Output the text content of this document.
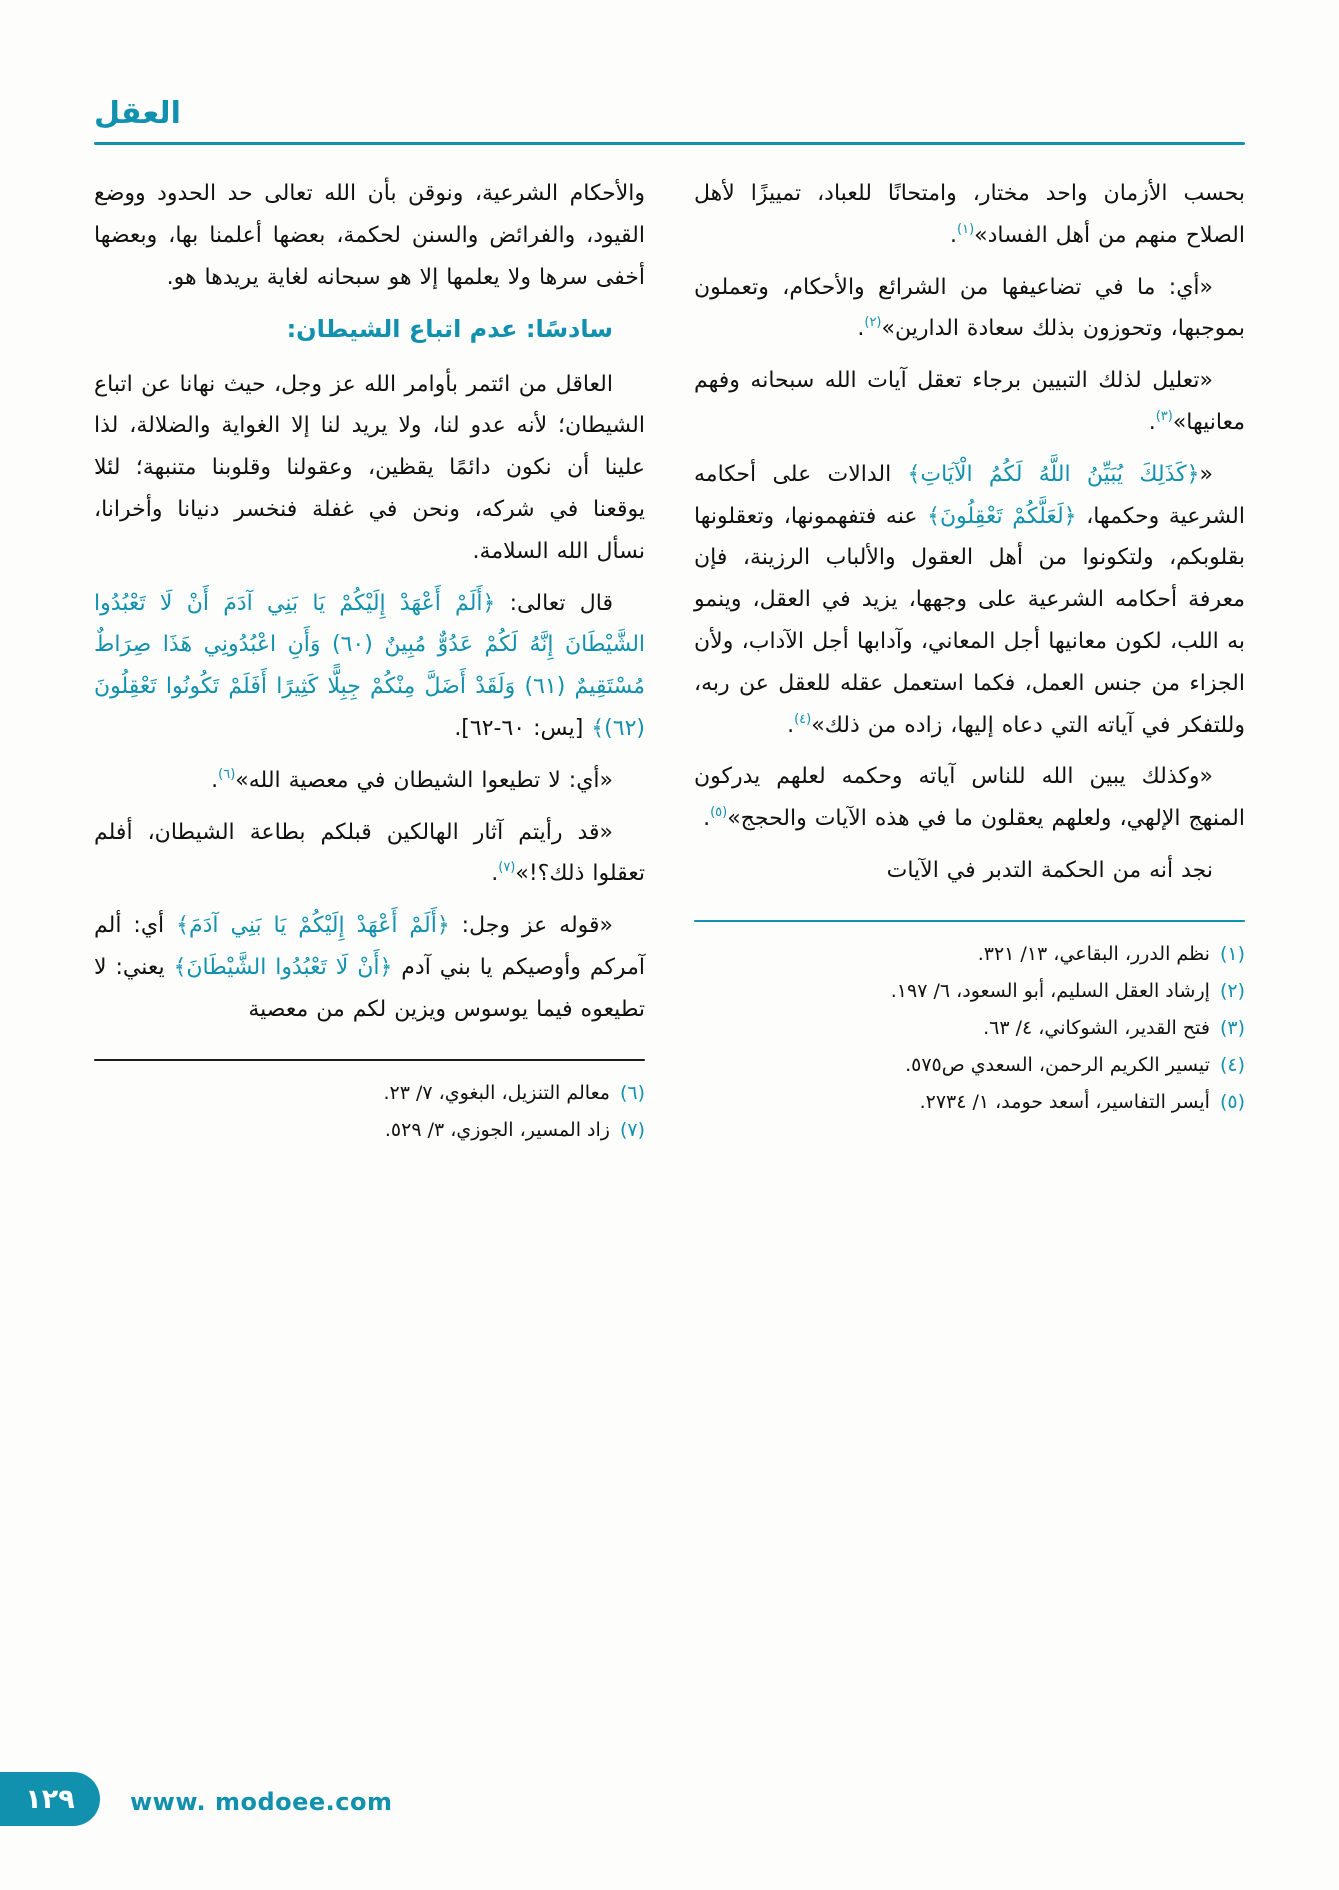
العقل

بحسب الأزمان واحد مختار، وامتحانًا للعباد، تمييزًا لأهل الصلاح منهم من أهل الفساد»$^{(١)}$.

«أي: ما في تضاعيفها من الشرائع والأحكام، وتعملون بموجبها، وتحوزون بذلك سعادة الدارين»$^{(٢)}$.

«تعليل لذلك التبيين برجاء تعقل آيات الله سبحانه وفهم معانيها»$^{(٣)}$.

«﴿كَذَلِكَ يُبَيِّنُ اللَّهُ لَكُمُ الْآيَاتِ﴾ الدالات على أحكامه الشرعية وحكمها، ﴿لَعَلَّكُمْ تَعْقِلُونَ﴾ عنه فتفهمونها، وتعقلونها بقلوبكم، ولتكونوا من أهل العقول والألباب الرزينة، فإن معرفة أحكامه الشرعية على وجهها، يزيد في العقل، وينمو به اللب، لكون معانيها أجل المعاني، وآدابها أجل الآداب، ولأن الجزاء من جنس العمل، فكما استعمل عقله للعقل عن ربه، وللتفكر في آياته التي دعاه إليها، زاده من ذلك»$^{(٤)}$.

«وكذلك يبين الله للناس آياته وحكمه لعلهم يدركون المنهج الإلهي، ولعلهم يعقلون ما في هذه الآيات والحجج»$^{(٥)}$.

نجد أنه من الحكمة التدبر في الآيات

(١)
نظم الدرر، البقاعي، ١٣/ ٣٢١.
(٢)
إرشاد العقل السليم، أبو السعود، ٦/ ١٩٧.
(٣)
فتح القدير، الشوكاني، ٤/ ٦٣.
(٤)
تيسير الكريم الرحمن، السعدي ص٥٧٥.
(٥)
أيسر التفاسير، أسعد حومد، ١/ ٢٧٣٤.

والأحكام الشرعية، ونوقن بأن الله تعالى حد الحدود ووضع القيود، والفرائض والسنن لحكمة، بعضها أعلمنا بها، وبعضها أخفى سرها ولا يعلمها إلا هو سبحانه لغاية يريدها هو.

سادسًا: عدم اتباع الشيطان:

العاقل من ائتمر بأوامر الله عز وجل، حيث نهانا عن اتباع الشيطان؛ لأنه عدو لنا، ولا يريد لنا إلا الغواية والضلالة، لذا علينا أن نكون دائمًا يقظين، وعقولنا وقلوبنا متنبهة؛ لئلا يوقعنا في شركه، ونحن في غفلة فنخسر دنيانا وأخرانا، نسأل الله السلامة.

قال تعالى: ﴿أَلَمْ أَعْهَدْ إِلَيْكُمْ يَا بَنِي آدَمَ أَنْ لَا تَعْبُدُوا الشَّيْطَانَ إِنَّهُ لَكُمْ عَدُوٌّ مُبِينٌ (٦٠) وَأَنِ اعْبُدُونِي هَذَا صِرَاطٌ مُسْتَقِيمٌ (٦١) وَلَقَدْ أَضَلَّ مِنْكُمْ جِبِلًّا كَثِيرًا أَفَلَمْ تَكُونُوا تَعْقِلُونَ (٦٢)﴾ [يس: ٦٠-٦٢].

«أي: لا تطيعوا الشيطان في معصية الله»$^{(٦)}$.

«قد رأيتم آثار الهالكين قبلكم بطاعة الشيطان، أفلم تعقلوا ذلك؟!»$^{(٧)}$.

«قوله عز وجل: ﴿أَلَمْ أَعْهَدْ إِلَيْكُمْ يَا بَنِي آدَمَ﴾ أي: ألم آمركم وأوصيكم يا بني آدم ﴿أَنْ لَا تَعْبُدُوا الشَّيْطَانَ﴾ يعني: لا تطيعوه فيما يوسوس ويزين لكم من معصية

(٦)
معالم التنزيل، البغوي، ٧/ ٢٣.
(٧)
زاد المسير، الجوزي، ٣/ ٥٢٩.
١٢٩ www. modoee.com
